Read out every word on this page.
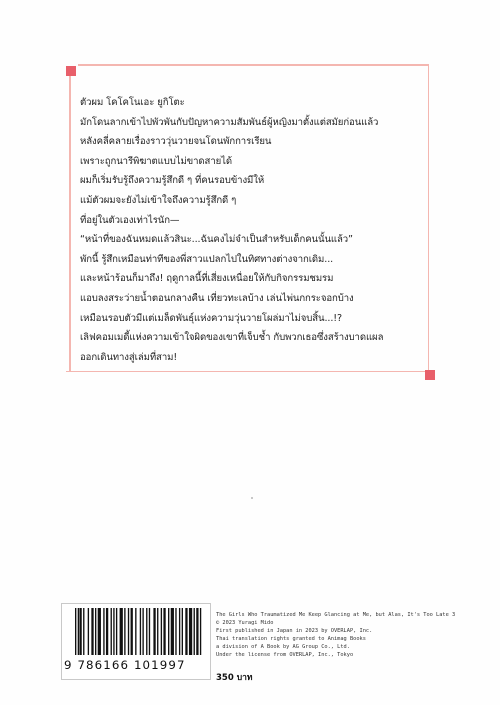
ตัวผม โคโคโนเอะ ยูกิโตะ
มักโดนลากเข้าไปพัวพันกับปัญหาความสัมพันธ์ผู้หญิงมาตั้งแต่สมัยก่อนแล้ว
หลังคลี่คลายเรื่องราววุ่นวายจนโดนพักการเรียน
เพราะถูกนารีพิฆาตแบบไม่ขาดสายได้
ผมก็เริ่มรับรู้ถึงความรู้สึกดี ๆ ที่คนรอบข้างมีให้
แม้ตัวผมจะยังไม่เข้าใจถึงความรู้สึกดี ๆ
ที่อยู่ในตัวเองเท่าไรนัก—
“หน้าที่ของฉันหมดแล้วสินะ...ฉันคงไม่จำเป็นสำหรับเด็กคนนั้นแล้ว”
พักนี้ รู้สึกเหมือนท่าทีของพี่สาวแปลกไปในทิศทางต่างจากเดิม...
และหน้าร้อนก็มาถึง! ฤดูกาลนี้ที่เสี่ยงเหนื่อยให้กับกิจกรรมชมรม
แอบลงสระว่ายน้ำตอนกลางคืน เที่ยวทะเลบ้าง เล่นไพ่นกกระจอกบ้าง
เหมือนรอบตัวมีแต่เมล็ดพันธุ์แห่งความวุ่นวายโผล่มาไม่จบสิ้น...!?
เลิฟคอมเมดี้แห่งความเข้าใจผิดของเขาที่เจ็บช้ำ กับพวกเธอซึ่งสร้างบาดแผล
ออกเดินทางสู่เล่มที่สาม!
9 786166 101997
The Girls Who Traumatized Me Keep Glancing at Me, but Alas, It's Too Late 3
© 2023 Yuragi Mido
First published in Japan in 2023 by OVERLAP, Inc.
Thai translation rights granted to Animag Books
a division of A Book by AG Group Co., Ltd.
Under the license from OVERLAP, Inc., Tokyo
350 บาท
